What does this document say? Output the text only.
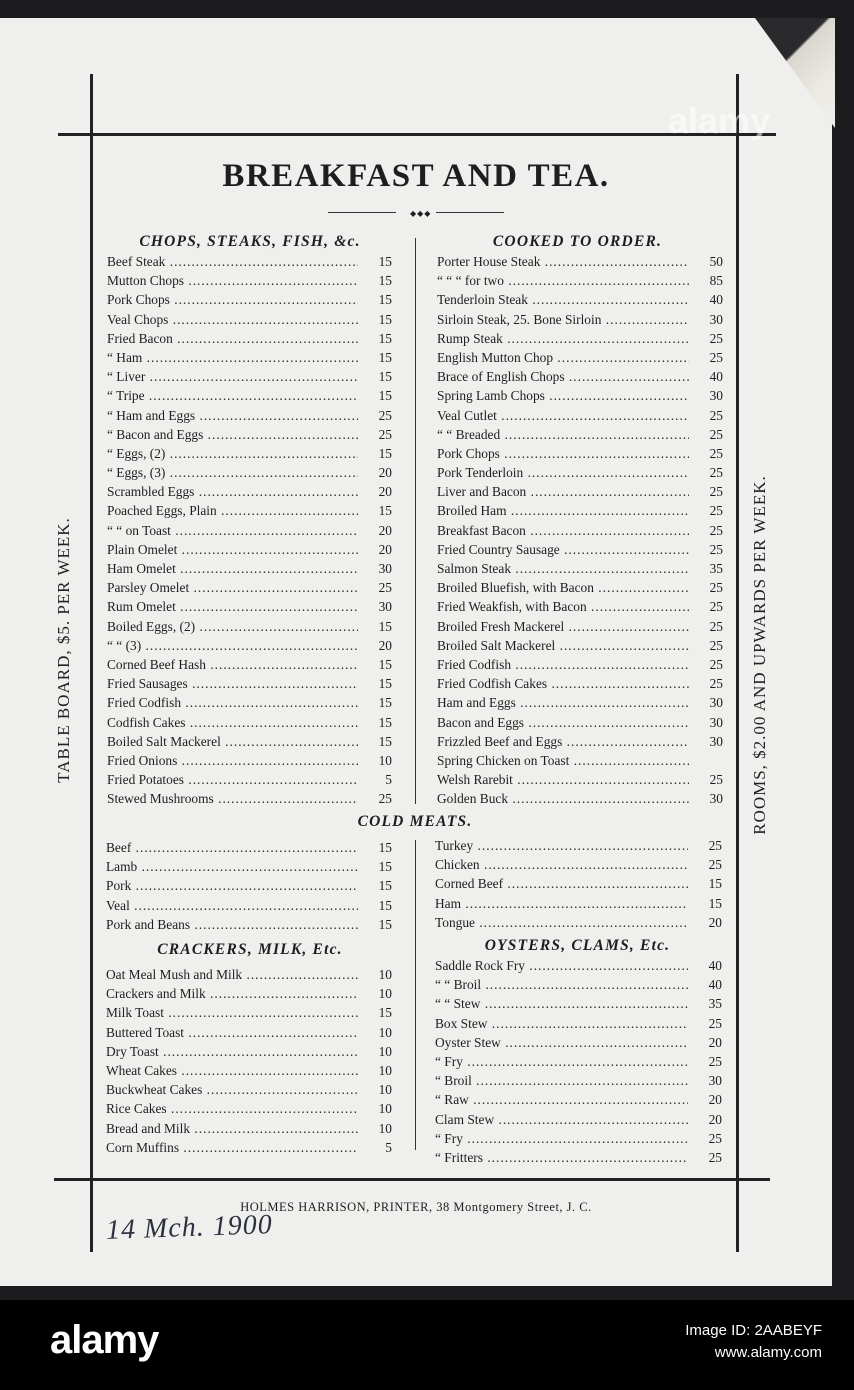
TABLE BOARD, $5. PER WEEK.	ROOMS, $2.00 AND UPWARDS PER WEEK.
BREAKFAST AND TEA.
◆◆◆
CHOPS, STEAKS, FISH, &c.	COOKED TO ORDER.
COLD MEATS.
CRACKERS, MILK, Etc.	OYSTERS, CLAMS, Etc.
Beef Steak .....	15
Mutton Chops .....	15
Pork Chops .....	15
Veal Chops .....	15
Fried Bacon .....	15
“ Ham .....	15
“ Liver .....	15
“ Tripe .....	15
“ Ham and Eggs .....	25
“ Bacon and Eggs .....	25
“ Eggs, (2) .....	15
“ Eggs, (3) .....	20
Scrambled Eggs .....	20
Poached Eggs, Plain .....	15
“ “ on Toast .....	20
Plain Omelet .....	20
Ham Omelet .....	30
Parsley Omelet .....	25
Rum Omelet .....	30
Boiled Eggs, (2) .....	15
“ “ (3) .....	20
Corned Beef Hash .....	15
Fried Sausages .....	15
Fried Codfish .....	15
Codfish Cakes .....	15
Boiled Salt Mackerel .....	15
Fried Onions .....	10
Fried Potatoes .....	5
Stewed Mushrooms .....	25
Porter House Steak .....	50
“ “ “ for two .....	85
Tenderloin Steak .....	40
Sirloin Steak, 25. Bone Sirloin .....	30
Rump Steak .....	25
English Mutton Chop .....	25
Brace of English Chops .....	40
Spring Lamb Chops .....	30
Veal Cutlet .....	25
“ “ Breaded .....	25
Pork Chops .....	25
Pork Tenderloin .....	25
Liver and Bacon .....	25
Broiled Ham .....	25
Breakfast Bacon .....	25
Fried Country Sausage .....	25
Salmon Steak .....	35
Broiled Bluefish, with Bacon .....	25
Fried Weakfish, with Bacon .....	25
Broiled Fresh Mackerel .....	25
Broiled Salt Mackerel .....	25
Fried Codfish .....	25
Fried Codfish Cakes .....	25
Ham and Eggs .....	30
Bacon and Eggs .....	30
Frizzled Beef and Eggs .....	30
Spring Chicken on Toast .....
Welsh Rarebit .....	25
Golden Buck .....	30
Beef .....	15
Lamb .....	15
Pork .....	15
Veal .....	15
Pork and Beans .....	15
Turkey .....	25
Chicken .....	25
Corned Beef .....	15
Ham .....	15
Tongue .....	20
Oat Meal Mush and Milk .....	10
Crackers and Milk .....	10
Milk Toast .....	15
Buttered Toast .....	10
Dry Toast .....	10
Wheat Cakes .....	10
Buckwheat Cakes .....	10
Rice Cakes .....	10
Bread and Milk .....	10
Corn Muffins .....	5
Saddle Rock Fry .....	40
“ “ Broil .....	40
“ “ Stew .....	35
Box Stew .....	25
Oyster Stew .....	20
“ Fry .....	25
“ Broil .....	30
“ Raw .....	20
Clam Stew .....	20
“ Fry .....	25
“ Fritters .....	25
HOLMES HARRISON, PRINTER, 38 Montgomery Street, J. C.
14 Mch. 1900
alamy
alamy	Image ID: 2AABEYF
www.alamy.com
